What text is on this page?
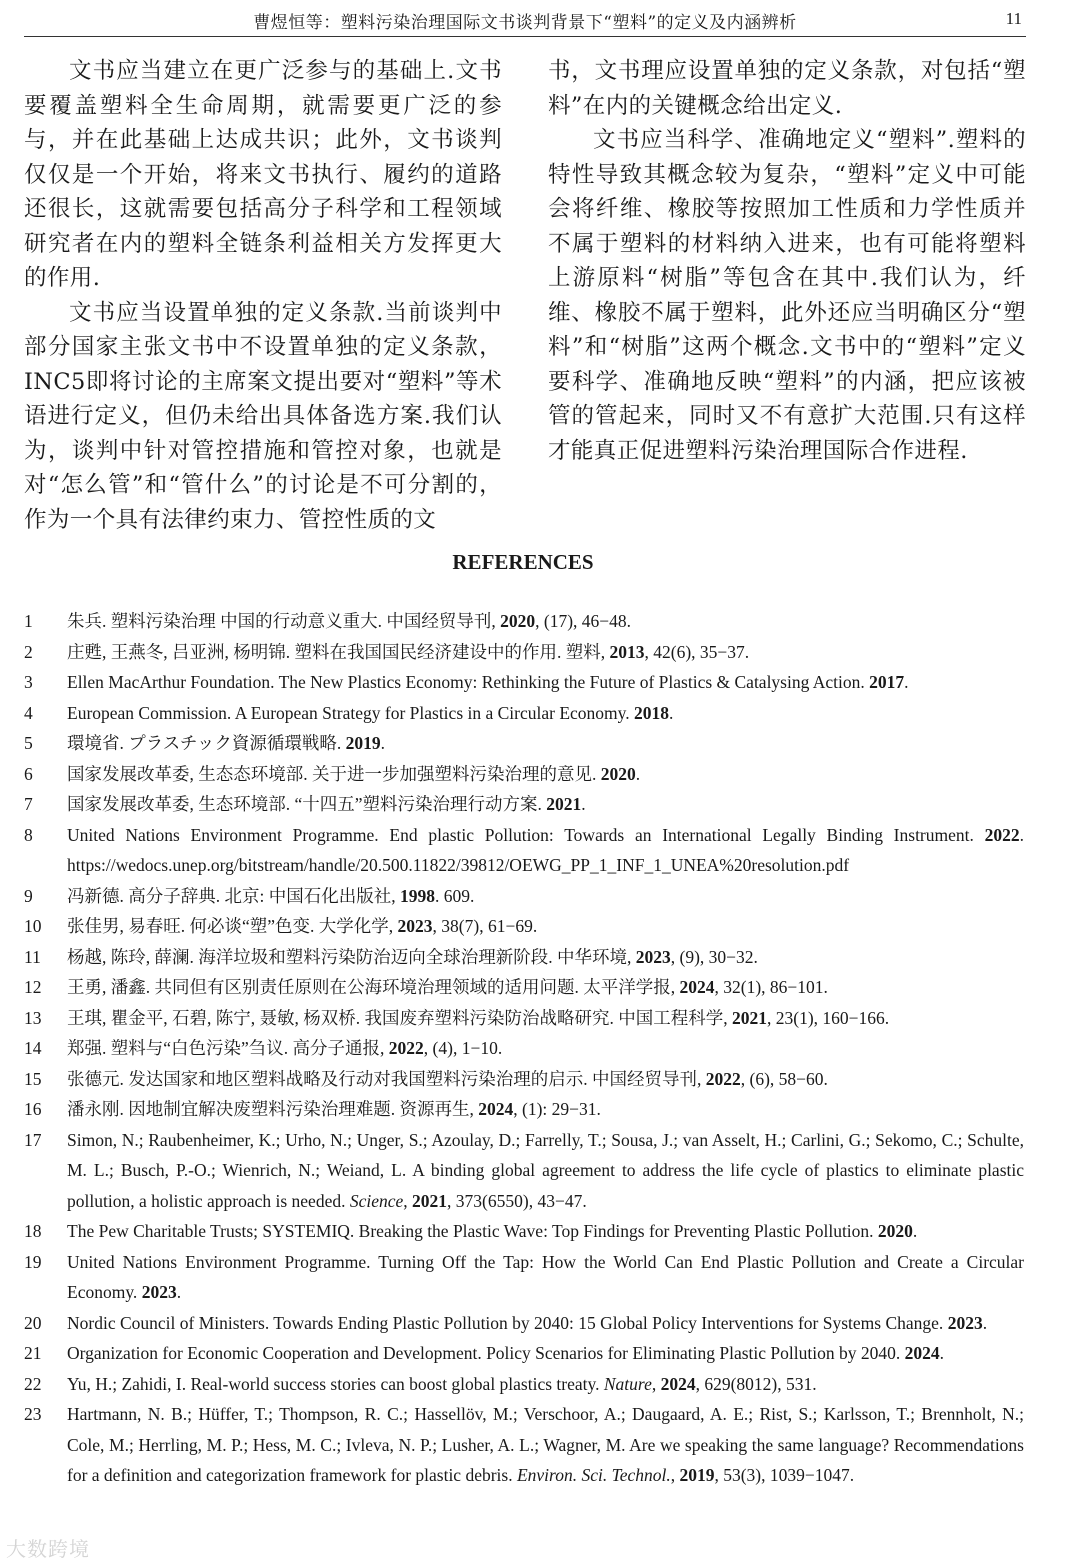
曹煜恒等：塑料污染治理国际文书谈判背景下“塑料”的定义及内涵辨析	11

文书应当建立在更广泛参与的基础上.文书要覆盖塑料全生命周期，就需要更广泛的参与，并在此基础上达成共识；此外，文书谈判仅仅是一个开始，将来文书执行、履约的道路还很长，这就需要包括高分子科学和工程领域研究者在内的塑料全链条利益相关方发挥更大的作用.

文书应当设置单独的定义条款.当前谈判中部分国家主张文书中不设置单独的定义条款，INC5即将讨论的主席案文提出要对“塑料”等术语进行定义，但仍未给出具体备选方案.我们认为，谈判中针对管控措施和管控对象，也就是对“怎么管”和“管什么”的讨论是不可分割的，作为一个具有法律约束力、管控性质的文

书，文书理应设置单独的定义条款，对包括“塑料”在内的关键概念给出定义.

文书应当科学、准确地定义“塑料”.塑料的特性导致其概念较为复杂，“塑料”定义中可能会将纤维、橡胶等按照加工性质和力学性质并不属于塑料的材料纳入进来，也有可能将塑料上游原料“树脂”等包含在其中.我们认为，纤维、橡胶不属于塑料，此外还应当明确区分“塑料”和“树脂”这两个概念.文书中的“塑料”定义要科学、准确地反映“塑料”的内涵，把应该被管的管起来，同时又不有意扩大范围.只有这样才能真正促进塑料污染治理国际合作进程.

REFERENCES
1 朱兵. 塑料污染治理 中国的行动意义重大. 中国经贸导刊, 2020, (17), 46−48.
2 庄甦, 王燕冬, 吕亚洲, 杨明锦. 塑料在我国国民经济建设中的作用. 塑料, 2013, 42(6), 35−37.
3 Ellen MacArthur Foundation. The New Plastics Economy: Rethinking the Future of Plastics & Catalysing Action. 2017.
4 European Commission. A European Strategy for Plastics in a Circular Economy. 2018.
5 環境省. プラスチック資源循環戦略. 2019.
6 国家发展改革委, 生态态环境部. 关于进一步加强塑料污染治理的意见. 2020.
7 国家发展改革委, 生态环境部. “十四五”塑料污染治理行动方案. 2021.
8 United Nations Environment Programme. End plastic Pollution: Towards an International Legally Binding Instrument. 2022. https://wedocs.unep.org/bitstream/handle/20.500.11822/39812/OEWG_PP_1_INF_1_UNEA%20resolution.pdf
9 冯新德. 高分子辞典. 北京: 中国石化出版社, 1998. 609.
10 张佳男, 易春旺. 何必谈“塑”色变. 大学化学, 2023, 38(7), 61−69.
11 杨越, 陈玲, 薛澜. 海洋垃圾和塑料污染防治迈向全球治理新阶段. 中华环境, 2023, (9), 30−32.
12 王勇, 潘鑫. 共同但有区别责任原则在公海环境治理领域的适用问题. 太平洋学报, 2024, 32(1), 86−101.
13 王琪, 瞿金平, 石碧, 陈宁, 聂敏, 杨双桥. 我国废弃塑料污染防治战略研究. 中国工程科学, 2021, 23(1), 160−166.
14 郑强. 塑料与“白色污染”刍议. 高分子通报, 2022, (4), 1−10.
15 张德元. 发达国家和地区塑料战略及行动对我国塑料污染治理的启示. 中国经贸导刊, 2022, (6), 58−60.
16 潘永刚. 因地制宜解决废塑料污染治理难题. 资源再生, 2024, (1): 29−31.
17 Simon, N.; Raubenheimer, K.; Urho, N.; Unger, S.; Azoulay, D.; Farrelly, T.; Sousa, J.; van Asselt, H.; Carlini, G.; Sekomo, C.; Schulte, M. L.; Busch, P.-O.; Wienrich, N.; Weiand, L. A binding global agreement to address the life cycle of plastics to eliminate plastic pollution, a holistic approach is needed. Science, 2021, 373(6550), 43−47.
18 The Pew Charitable Trusts; SYSTEMIQ. Breaking the Plastic Wave: Top Findings for Preventing Plastic Pollution. 2020.
19 United Nations Environment Programme. Turning Off the Tap: How the World Can End Plastic Pollution and Create a Circular Economy. 2023.
20 Nordic Council of Ministers. Towards Ending Plastic Pollution by 2040: 15 Global Policy Interventions for Systems Change. 2023.
21 Organization for Economic Cooperation and Development. Policy Scenarios for Eliminating Plastic Pollution by 2040. 2024.
22 Yu, H.; Zahidi, I. Real-world success stories can boost global plastics treaty. Nature, 2024, 629(8012), 531.
23 Hartmann, N. B.; Hüffer, T.; Thompson, R. C.; Hassellöv, M.; Verschoor, A.; Daugaard, A. E.; Rist, S.; Karlsson, T.; Brennholt, N.; Cole, M.; Herrling, M. P.; Hess, M. C.; Ivleva, N. P.; Lusher, A. L.; Wagner, M. Are we speaking the same language? Recommendations for a definition and categorization framework for plastic debris. Environ. Sci. Technol., 2019, 53(3), 1039−1047.
大数跨境
